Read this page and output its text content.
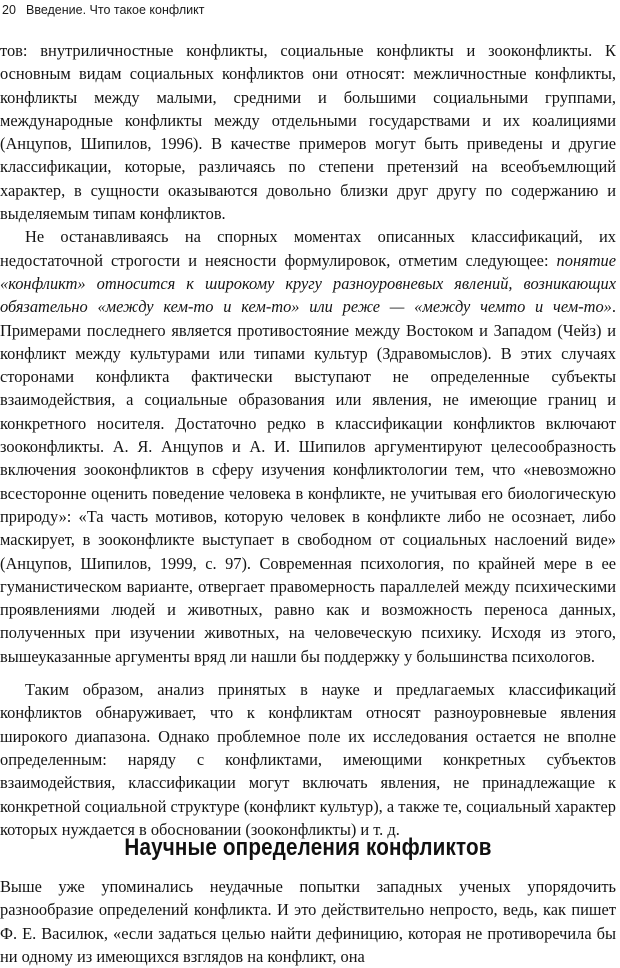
20 Введение. Что такое конфликт

тов: внутриличностные конфликты, социальные конфликты и зооконфликты. К основным видам социальных конфликтов они относят: межличностные конфликты, конфликты между малыми, средними и большими социальными группами, международные конфликты между отдельными государствами и их коалициями (Анцупов, Шипилов, 1996). В качестве примеров могут быть приведены и другие классификации, которые, различаясь по степени претензий на всеобъемлющий характер, в сущности оказываются довольно близки друг другу по содержанию и выделяемым типам конфликтов.

Не останавливаясь на спорных моментах описанных классификаций, их недостаточной строгости и неясности формулировок, отметим следующее: понятие «конфликт» относится к широкому кругу разноуровневых явлений, возникающих обязательно «между кем-то и кем-то» или реже — «между чемто и чем-то». Примерами последнего является противостояние между Востоком и Западом (Чейз) и конфликт между культурами или типами культур (Здравомыслов). В этих случаях сторонами конфликта фактически выступают не определенные субъекты взаимодействия, а социальные образования или явления, не имеющие границ и конкретного носителя. Достаточно редко в классификации конфликтов включают зооконфликты. А. Я. Анцупов и А. И. Шипилов аргументируют целесообразность включения зооконфликтов в сферу изучения конфликтологии тем, что «невозможно всесторонне оценить поведение человека в конфликте, не учитывая его биологическую природу»: «Та часть мотивов, которую человек в конфликте либо не осознает, либо маскирует, в зооконфликте выступает в свободном от социальных наслоений виде» (Анцупов, Шипилов, 1999, с. 97). Современная психология, по крайней мере в ее гуманистическом варианте, отвергает правомерность параллелей между психическими проявлениями людей и животных, равно как и возможность переноса данных, полученных при изучении животных, на человеческую психику. Исходя из этого, вышеуказанные аргументы вряд ли нашли бы поддержку у большинства психологов.

Таким образом, анализ принятых в науке и предлагаемых классификаций конфликтов обнаруживает, что к конфликтам относят разноуровневые явления широкого диапазона. Однако проблемное поле их исследования остается не вполне определенным: наряду с конфликтами, имеющими конкретных субъектов взаимодействия, классификации могут включать явления, не принадлежащие к конкретной социальной структуре (конфликт культур), а также те, социальный характер которых нуждается в обосновании (зооконфликты) и т. д.

Научные определения конфликтов

Выше уже упоминались неудачные попытки западных ученых упорядочить разнообразие определений конфликта. И это действительно непросто, ведь, как пишет Ф. Е. Василюк, «если задаться целью найти дефиницию, которая не противоречила бы ни одному из имеющихся взглядов на конфликт, она
